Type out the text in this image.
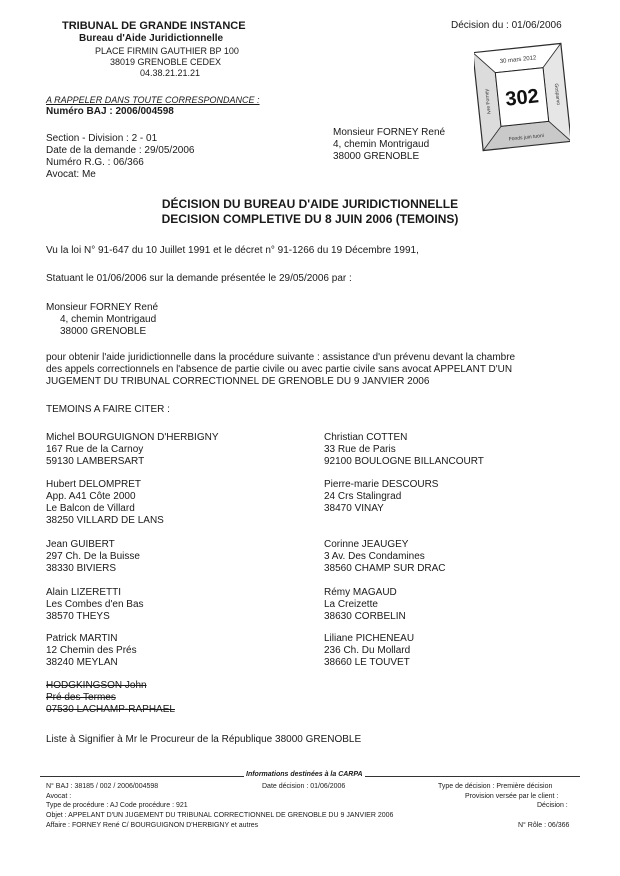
TRIBUNAL DE GRANDE INSTANCE
Bureau d'Aide Juridictionnelle
PLACE FIRMIN GAUTHIER BP 100
38019 GRENOBLE CEDEX
04.38.21.21.21
Décision du : 01/06/2006
A RAPPELER DANS TOUTE CORRESPONDANCE :
Numéro BAJ : 2006/004598
Section - Division : 2 - 01
Date de la demande : 29/05/2006
Numéro R.G. : 06/366
Avocat: Me
Monsieur FORNEY René
4, chemin Montrigaud
38000 GRENOBLE
302
30 mars 2012
Fonds juin tuoni
Ivre Forney	Gosparvo
DÉCISION DU BUREAU D'AIDE JURIDICTIONNELLE
DECISION COMPLETIVE DU 8 JUIN 2006 (TEMOINS)
Vu la loi N° 91-647 du 10 Juillet 1991 et le décret n° 91-1266 du 19 Décembre 1991,
Statuant le 01/06/2006 sur la demande présentée le 29/05/2006 par :
Monsieur FORNEY René
4, chemin Montrigaud
38000 GRENOBLE
pour obtenir l'aide juridictionnelle dans la procédure suivante : assistance d'un prévenu devant la chambre
des appels correctionnels en l'absence de partie civile ou avec partie civile sans avocat APPELANT D'UN
JUGEMENT DU TRIBUNAL CORRECTIONNEL DE GRENOBLE DU 9 JANVIER 2006
TEMOINS A FAIRE CITER :
Michel BOURGUIGNON D'HERBIGNY
167 Rue de la Carnoy
59130 LAMBERSART
Hubert DELOMPRET
App. A41 Côte 2000
Le Balcon de Villard
38250 VILLARD DE LANS
Jean GUIBERT
297 Ch. De la Buisse
38330 BIVIERS
Alain LIZERETTI
Les Combes d'en Bas
38570 THEYS
Patrick MARTIN
12 Chemin des Prés
38240 MEYLAN
HODGKINGSON John
Pré des Termes
07530 LACHAMP-RAPHAEL
Christian COTTEN
33 Rue de Paris
92100 BOULOGNE BILLANCOURT
Pierre-marie DESCOURS
24 Crs Stalingrad
38470 VINAY
Corinne JEAUGEY
3 Av. Des Condamines
38560 CHAMP SUR DRAC
Rémy MAGAUD
La Creizette
38630 CORBELIN
Liliane PICHENEAU
236 Ch. Du Mollard
38660 LE TOUVET
Liste à Signifier à Mr le Procureur de la République 38000 GRENOBLE
Informations destinées à la CARPA
N° BAJ : 38185 / 002 / 2006/004598	Date décision : 01/06/2006	Type de décision : Première décision
Avocat :	Provision versée par le client :
Type de procédure : AJ Code procédure : 921	Décision :
Objet : APPELANT D'UN JUGEMENT DU TRIBUNAL CORRECTIONNEL DE GRENOBLE DU 9 JANVIER 2006
Affaire : FORNEY René C/ BOURGUIGNON D'HERBIGNY et autres	N° Rôle : 06/366
